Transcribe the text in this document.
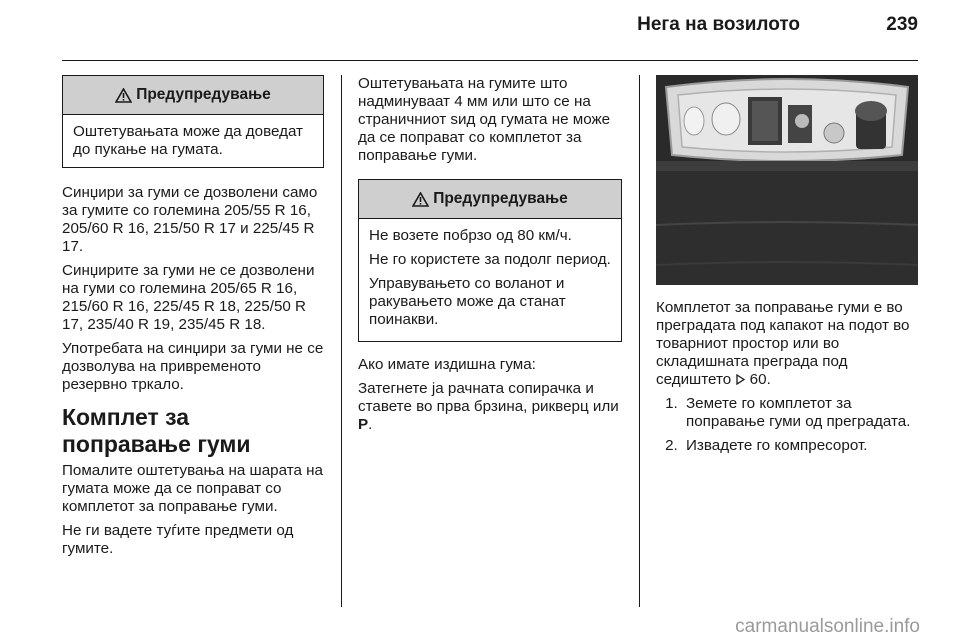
Нега на возилото	239
Предупредување

Оштетувањата може да доведат до пукање на гумата.

Синџири за гуми се дозволени само за гумите со големина 205/55 R 16, 205/60 R 16, 215/50 R 17 и 225/45 R 17.

Синџирите за гуми не се дозволени на гуми со големина 205/65 R 16, 215/60 R 16, 225/45 R 18, 225/50 R 17, 235/40 R 19, 235/45 R 18.

Употребата на синџири за гуми не се дозволува на привременото резервно тркало.

Комплет за поправање гуми

Помалите оштетувања на шарата на гумата може да се поправат со комплетот за поправање гуми.

Не ги вадете туѓите предмети од гумите.

Оштетувањата на гумите што надминуваат 4 мм или што се на страничниот ѕид од гумата не може да се поправат со комплетот за поправање гуми.

Предупредување

Не возете побрзо од 80 км/ч.

Не го користете за подолг период.

Управувањето со воланот и ракувањето може да станат поинакви.

Ако имате издишна гума:

Затегнете ја рачната сопирачка и ставете во прва брзина, рикверц или P.

Комплетот за поправање гуми е во преградата под капакот на подот во товарниот простор или во складишната преграда под седиштето  60.

1. Земете го комплетот за поправање гуми од преградата.
2. Извадете го компресорот.
carmanualsonline.info
